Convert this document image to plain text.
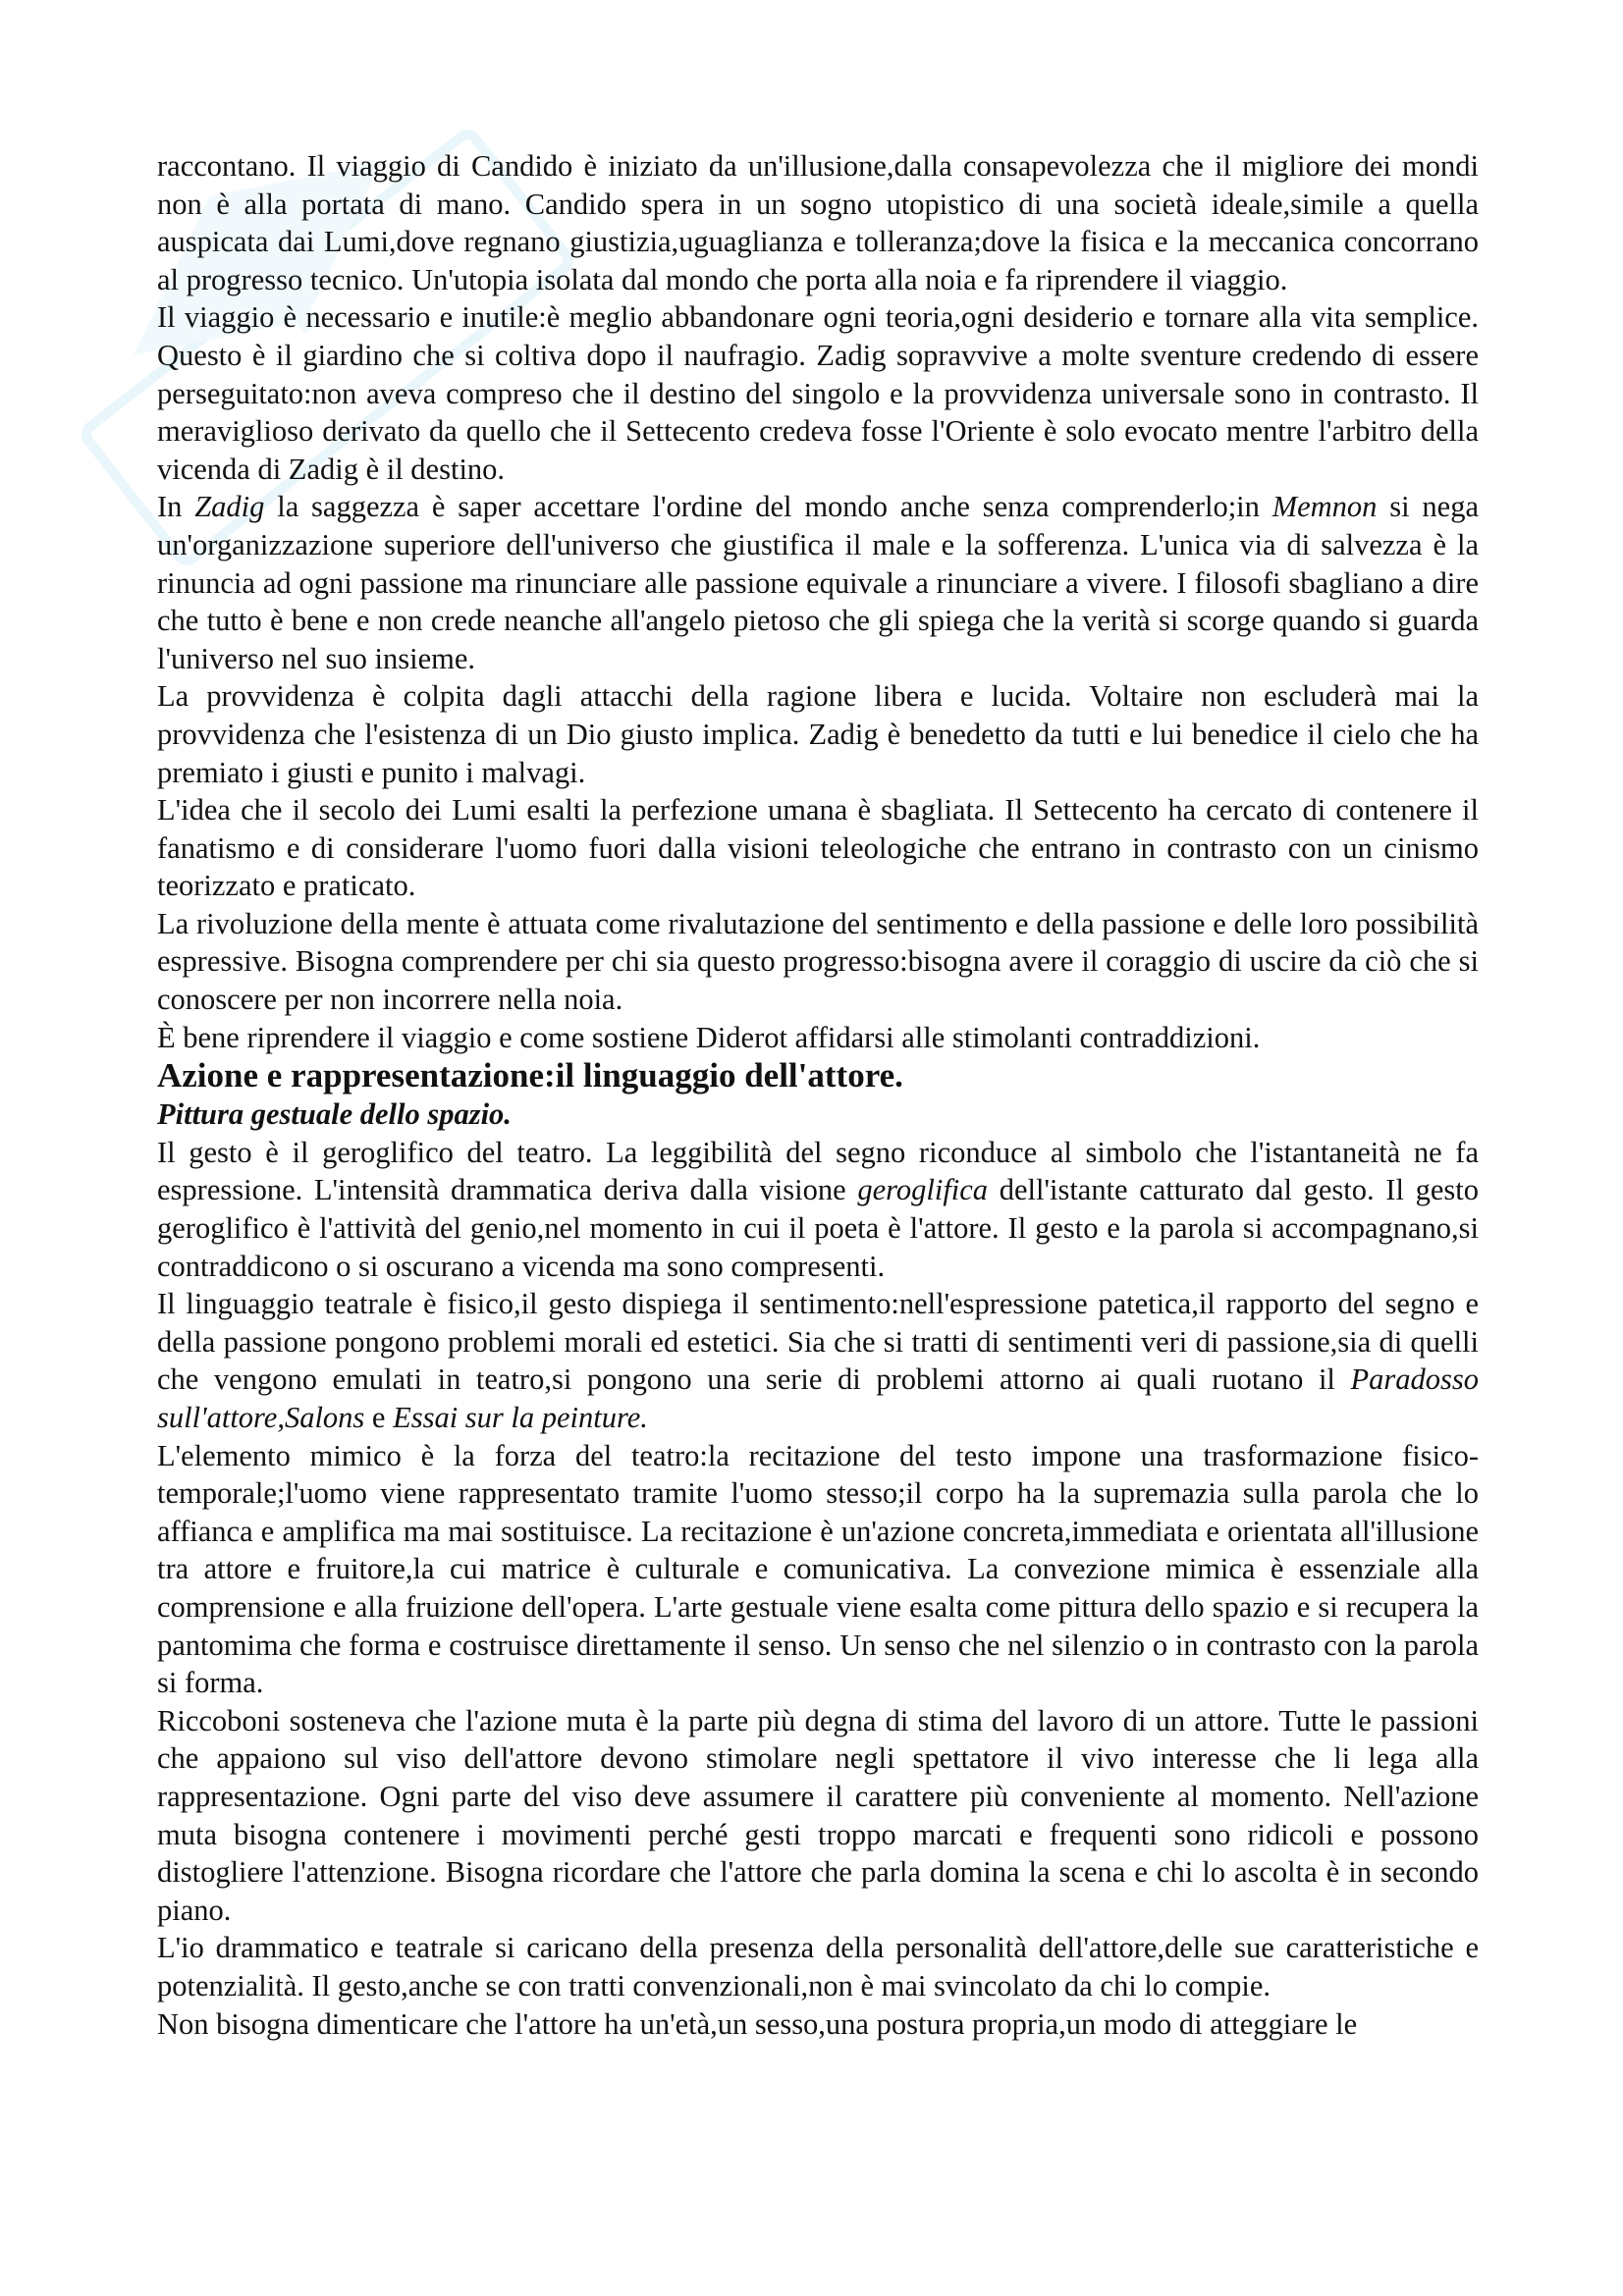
raccontano. Il viaggio di Candido è iniziato da un'illusione,dalla consapevolezza che il migliore dei mondi non è alla portata di mano. Candido spera in un sogno utopistico di una società ideale,simile a quella auspicata dai Lumi,dove regnano giustizia,uguaglianza e tolleranza;dove la fisica e la meccanica concorrano al progresso tecnico. Un'utopia isolata dal mondo che porta alla noia e fa riprendere il viaggio.

Il viaggio è necessario e inutile:è meglio abbandonare ogni teoria,ogni desiderio e tornare alla vita semplice. Questo è il giardino che si coltiva dopo il naufragio. Zadig sopravvive a molte sventure credendo di essere perseguitato:non aveva compreso che il destino del singolo e la provvidenza universale sono in contrasto. Il meraviglioso derivato da quello che il Settecento credeva fosse l'Oriente è solo evocato mentre l'arbitro della vicenda di Zadig è il destino.

In Zadig la saggezza è saper accettare l'ordine del mondo anche senza comprenderlo;in Memnon si nega un'organizzazione superiore dell'universo che giustifica il male e la sofferenza. L'unica via di salvezza è la rinuncia ad ogni passione ma rinunciare alle passione equivale a rinunciare a vivere. I filosofi sbagliano a dire che tutto è bene e non crede neanche all'angelo pietoso che gli spiega che la verità si scorge quando si guarda l'universo nel suo insieme.

La provvidenza è colpita dagli attacchi della ragione libera e lucida. Voltaire non escluderà mai la provvidenza che l'esistenza di un Dio giusto implica. Zadig è benedetto da tutti e lui benedice il cielo che ha premiato i giusti e punito i malvagi.

L'idea che il secolo dei Lumi esalti la perfezione umana è sbagliata. Il Settecento ha cercato di contenere il fanatismo e di considerare l'uomo fuori dalla visioni teleologiche che entrano in contrasto con un cinismo teorizzato e praticato.

La rivoluzione della mente è attuata come rivalutazione del sentimento e della passione e delle loro possibilità espressive. Bisogna comprendere per chi sia questo progresso:bisogna avere il coraggio di uscire da ciò che si conoscere per non incorrere nella noia.

È bene riprendere il viaggio e come sostiene Diderot affidarsi alle stimolanti contraddizioni.

Azione e rappresentazione:il linguaggio dell'attore.
Pittura gestuale dello spazio.

Il gesto è il geroglifico del teatro. La leggibilità del segno riconduce al simbolo che l'istantaneità ne fa espressione. L'intensità drammatica deriva dalla visione geroglifica dell'istante catturato dal gesto. Il gesto geroglifico è l'attività del genio,nel momento in cui il poeta è l'attore. Il gesto e la parola si accompagnano,si contraddicono o si oscurano a vicenda ma sono compresenti.

Il linguaggio teatrale è fisico,il gesto dispiega il sentimento:nell'espressione patetica,il rapporto del segno e della passione pongono problemi morali ed estetici. Sia che si tratti di sentimenti veri di passione,sia di quelli che vengono emulati in teatro,si pongono una serie di problemi attorno ai quali ruotano il Paradosso sull'attore,Salons e Essai sur la peinture.

L'elemento mimico è la forza del teatro:la recitazione del testo impone una trasformazione fisico-temporale;l'uomo viene rappresentato tramite l'uomo stesso;il corpo ha la supremazia sulla parola che lo affianca e amplifica ma mai sostituisce. La recitazione è un'azione concreta,immediata e orientata all'illusione tra attore e fruitore,la cui matrice è culturale e comunicativa. La convezione mimica è essenziale alla comprensione e alla fruizione dell'opera. L'arte gestuale viene esalta come pittura dello spazio e si recupera la pantomima che forma e costruisce direttamente il senso. Un senso che nel silenzio o in contrasto con la parola si forma.

Riccoboni sosteneva che l'azione muta è la parte più degna di stima del lavoro di un attore. Tutte le passioni che appaiono sul viso dell'attore devono stimolare negli spettatore il vivo interesse che li lega alla rappresentazione. Ogni parte del viso deve assumere il carattere più conveniente al momento. Nell'azione muta bisogna contenere i movimenti perché gesti troppo marcati e frequenti sono ridicoli e possono distogliere l'attenzione. Bisogna ricordare che l'attore che parla domina la scena e chi lo ascolta è in secondo piano.

L'io drammatico e teatrale si caricano della presenza della personalità dell'attore,delle sue caratteristiche e potenzialità. Il gesto,anche se con tratti convenzionali,non è mai svincolato da chi lo compie.

Non bisogna dimenticare che l'attore ha un'età,un sesso,una postura propria,un modo di atteggiare le
